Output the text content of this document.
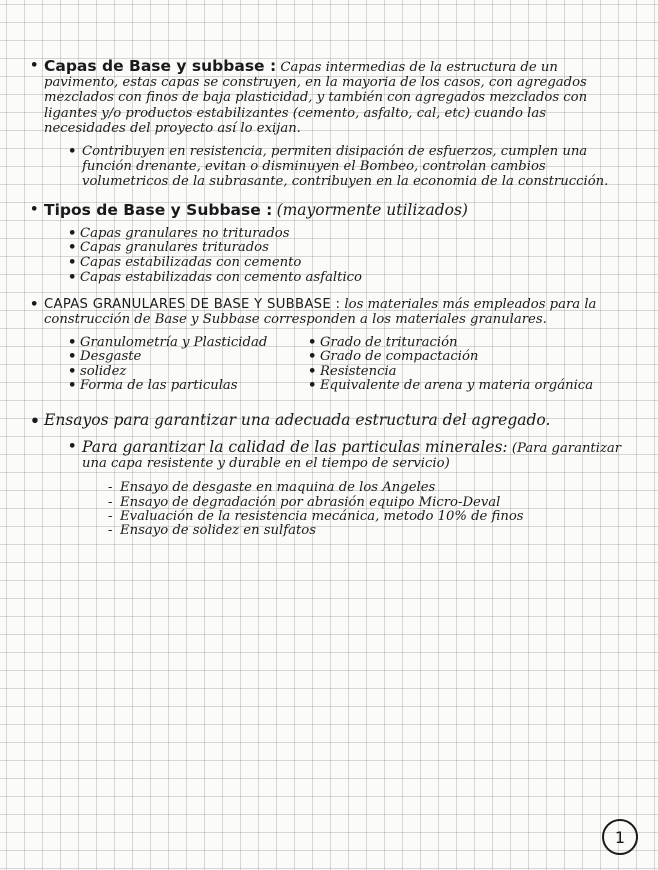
• Capas de Base y subbase : Capas intermedias de la estructura de un pavimento, estas capas se construyen, en la mayoria de los casos, con agregados mezclados con finos de baja plasticidad, y también con agregados mezclados con ligantes y/o productos estabilizantes (cemento, asfalto, cal, etc) cuando las necesidades del proyecto así lo exijan.
• Contribuyen en resistencia, permiten disipación de esfuerzos, cumplen una función drenante, evitan o disminuyen el Bombeo, controlan cambios volumetricos de la subrasante, contribuyen en la economia de la construcción.
• Tipos de Base y Subbase : (mayormente utilizados)
• Capas granulares no triturados
• Capas granulares triturados
• Capas estabilizadas con cemento
• Capas estabilizadas con cemento asfaltico
• CAPAS GRANULARES DE BASE Y SUBBASE : los materiales más empleados para la construcción de Base y Subbase corresponden a los materiales granulares.
• Granulometría y Plasticidad
• Desgaste
• solidez
• Forma de las particulas
• Grado de trituración
• Grado de compactación
• Resistencia
• Equivalente de arena y materia orgánica
• Ensayos para garantizar una adecuada estructura del agregado.
• Para garantizar la calidad de las particulas minerales: (Para garantizar una capa resistente y durable en el tiempo de servicio)
- Ensayo de desgaste en maquina de los Angeles
- Ensayo de degradación por abrasión equipo Micro-Deval
- Evaluación de la resistencia mecánica, metodo 10% de finos
- Ensayo de solidez en sulfatos
1
